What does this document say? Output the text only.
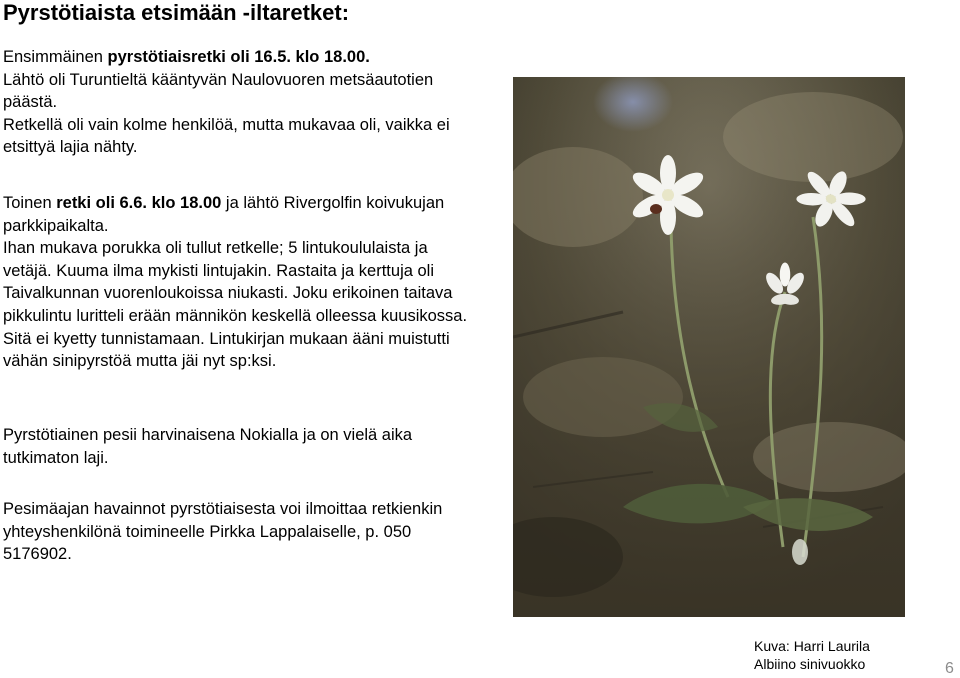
Pyrstötiaista etsimään -iltaretket:

Ensimmäinen pyrstötiaisretki oli 16.5. klo 18.00.
Lähtö oli Turuntieltä kääntyvän Naulovuoren metsäautotien päästä.
Retkellä oli vain kolme henkilöä, mutta mukavaa oli, vaikka ei etsittyä lajia nähty.

Toinen retki oli 6.6. klo 18.00 ja lähtö Rivergolfin koivukujan parkkipaikalta.
Ihan mukava porukka oli tullut retkelle; 5 lintukoululaista ja vetäjä. Kuuma ilma mykisti lintujakin. Rastaita ja kerttuja oli Taivalkunnan vuorenloukoissa niukasti. Joku erikoinen taitava pikkulintu luritteli erään männikön keskellä olleessa kuusikossa. Sitä ei kyetty tunnistamaan. Lintukirjan mukaan ääni muistutti vähän sinipyrstöä mutta jäi nyt sp:ksi.

Pyrstötiainen pesii harvinaisena Nokialla ja on vielä aika tutkimaton laji.

Pesimäajan havainnot pyrstötiaisesta voi ilmoittaa retkienkin yhteyshenkilönä toimineelle Pirkka Lappalaiselle, p. 050 5176902.

Kuva: Harri Laurila
Albiino sinivuokko	6
